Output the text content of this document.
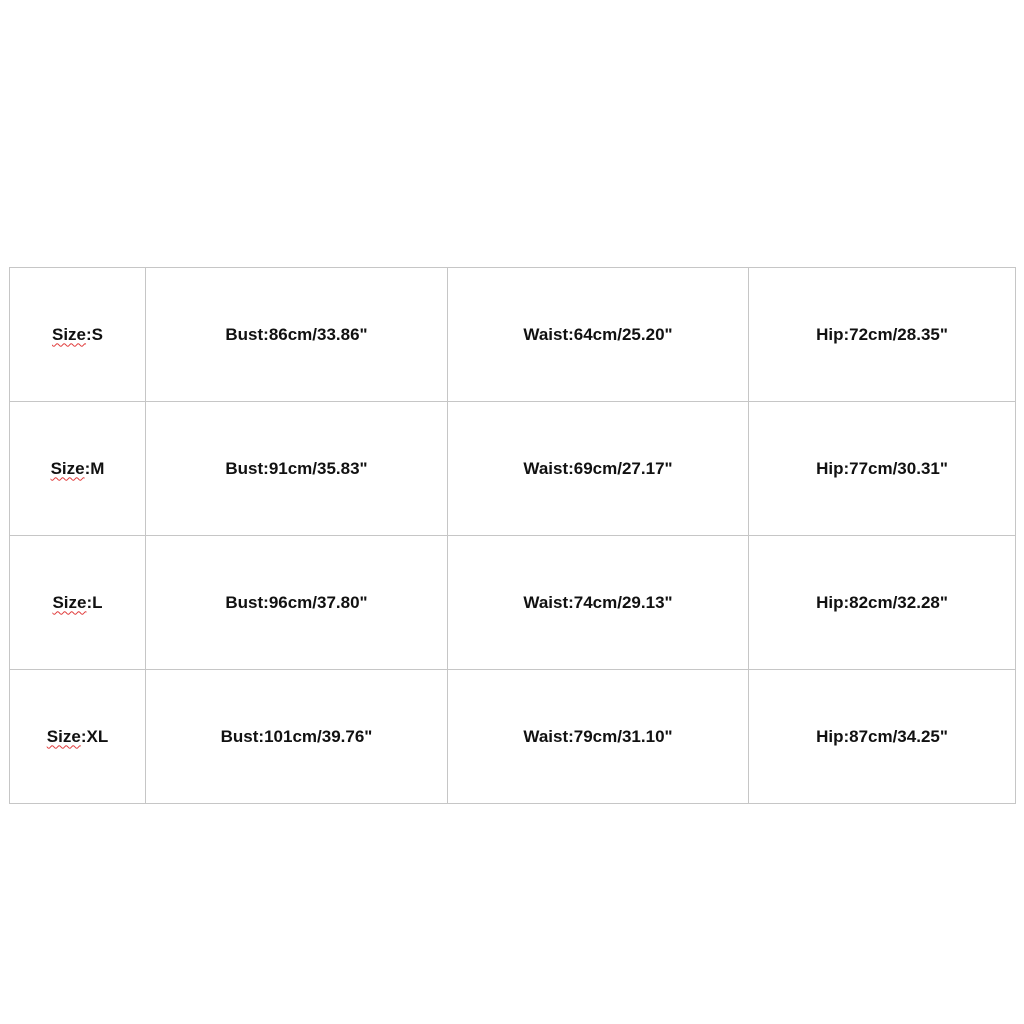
Size:S	Bust:86cm/33.86"	Waist:64cm/25.20"	Hip:72cm/28.35"
Size:M	Bust:91cm/35.83"	Waist:69cm/27.17"	Hip:77cm/30.31"
Size:L	Bust:96cm/37.80"	Waist:74cm/29.13"	Hip:82cm/32.28"
Size:XL	Bust:101cm/39.76"	Waist:79cm/31.10"	Hip:87cm/34.25"
